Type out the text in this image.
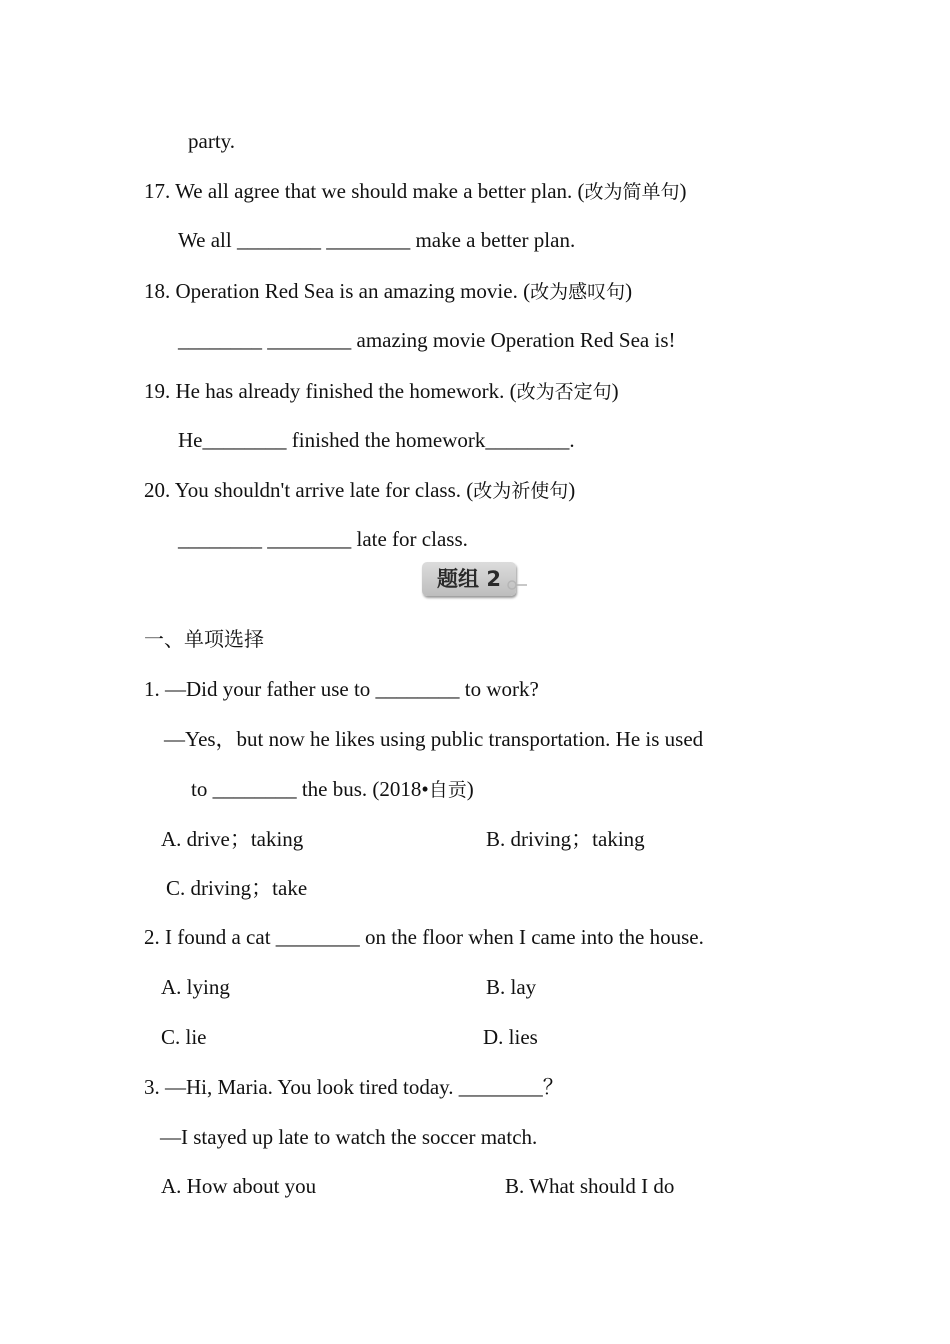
party.
17. We all agree that we should make a better plan. (改为简单句)
We all ________ ________ make a better plan.
18. Operation Red Sea is an amazing movie. (改为感叹句)
________ ________ amazing movie Operation Red Sea is!
19. He has already finished the homework. (改为否定句)
He________ finished the homework________.
20. You shouldn't arrive late for class. (改为祈使句)
________ ________ late for class.
题组 2
一、单项选择
1. —Did your father use to ________ to work?
—Yes，but now he likes using public transportation. He is used
to ________ the bus. (2018•自贡)
A. drive；taking	B. driving；taking
C. driving；take
2. I found a cat ________ on the floor when I came into the house.
A. lying	B. lay
C. lie	D. lies
3. —Hi, Maria. You look tired today. ________？
—I stayed up late to watch the soccer match.
A. How about you	B. What should I do
